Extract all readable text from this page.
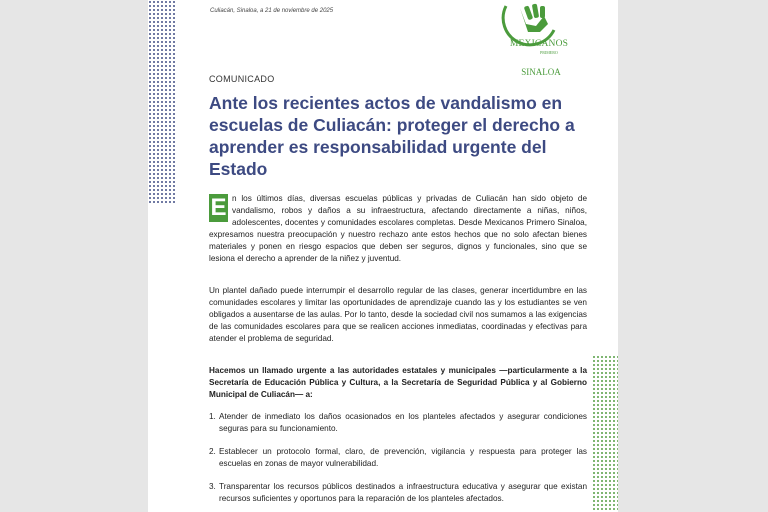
Culiacán, Sinaloa, a 21 de noviembre de 2025
MEXICANOS
PRIMERO
SINALOA
COMUNICADO
Ante los recientes actos de vandalismo en escuelas de Culiacán: proteger el derecho a aprender es responsabilidad urgente del Estado

E n los últimos días, diversas escuelas públicas y privadas de Culiacán han sido objeto de vandalismo, robos y daños a su infraestructura, afectando directamente a niñas, niños, adolescentes, docentes y comunidades escolares completas. Desde Mexicanos Primero Sinaloa, expresamos nuestra preocupación y nuestro rechazo ante estos hechos que no solo afectan bienes materiales y ponen en riesgo espacios que deben ser seguros, dignos y funcionales, sino que se lesiona el derecho a aprender de la niñez y juventud.

Un plantel dañado puede interrumpir el desarrollo regular de las clases, generar incertidumbre en las comunidades escolares y limitar las oportunidades de aprendizaje cuando las y los estudiantes se ven obligados a ausentarse de las aulas. Por lo tanto, desde la sociedad civil nos sumamos a las exigencias de las comunidades escolares para que se realicen acciones inmediatas, coordinadas y efectivas para atender el problema de seguridad.

Hacemos un llamado urgente a las autoridades estatales y municipales —particularmente a la Secretaría de Educación Pública y Cultura, a la Secretaría de Seguridad Pública y al Gobierno Municipal de Culiacán— a:

1. Atender de inmediato los daños ocasionados en los planteles afectados y asegurar condiciones seguras para su funcionamiento.
2. Establecer un protocolo formal, claro, de prevención, vigilancia y respuesta para proteger las escuelas en zonas de mayor vulnerabilidad.
3. Transparentar los recursos públicos destinados a infraestructura educativa y asegurar que existan recursos suficientes y oportunos para la reparación de los planteles afectados.
